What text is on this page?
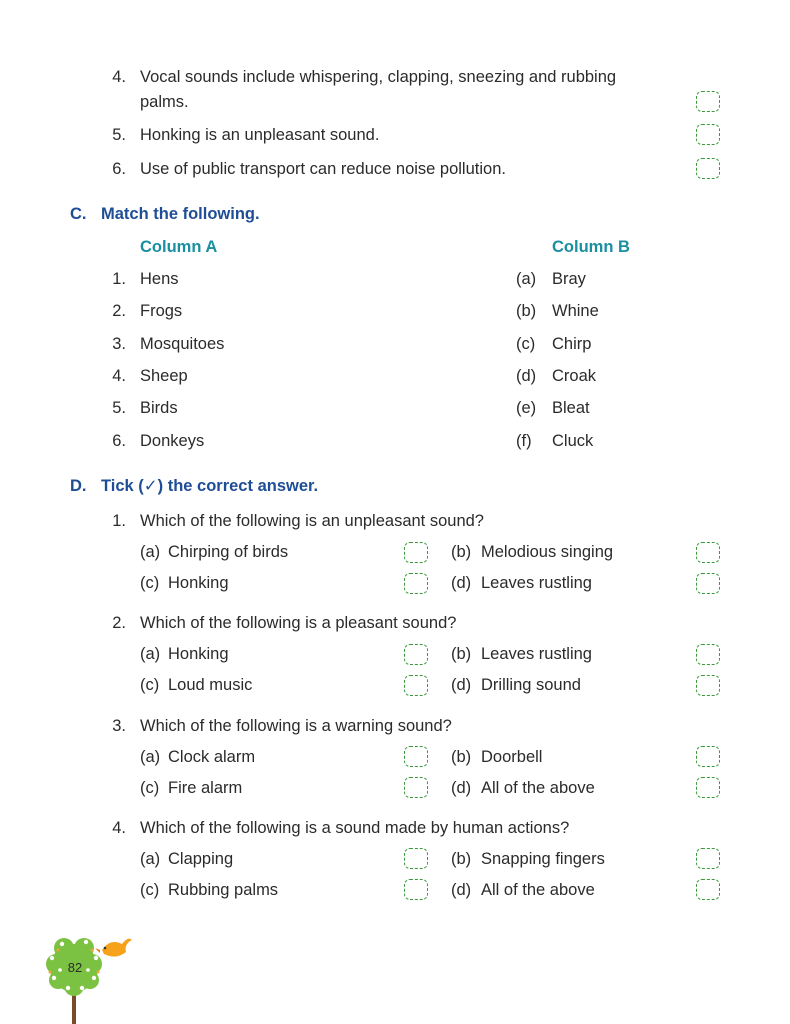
4. Vocal sounds include whispering, clapping, sneezing and rubbing
palms.
5. Honking is an unpleasant sound.
6. Use of public transport can reduce noise pollution.
C. Match the following.
Column A	Column B
1. Hens	(a) Bray
2. Frogs	(b) Whine
3. Mosquitoes	(c) Chirp
4. Sheep	(d) Croak
5. Birds	(e) Bleat
6. Donkeys	(f) Cluck
D. Tick (✓) the correct answer.
1. Which of the following is an unpleasant sound?
(a) Chirping of birds	(b) Melodious singing
(c) Honking	(d) Leaves rustling
2. Which of the following is a pleasant sound?
(a) Honking	(b) Leaves rustling
(c) Loud music	(d) Drilling sound
3. Which of the following is a warning sound?
(a) Clock alarm	(b) Doorbell
(c) Fire alarm	(d) All of the above
4. Which of the following is a sound made by human actions?
(a) Clapping	(b) Snapping fingers
(c) Rubbing palms	(d) All of the above
82
